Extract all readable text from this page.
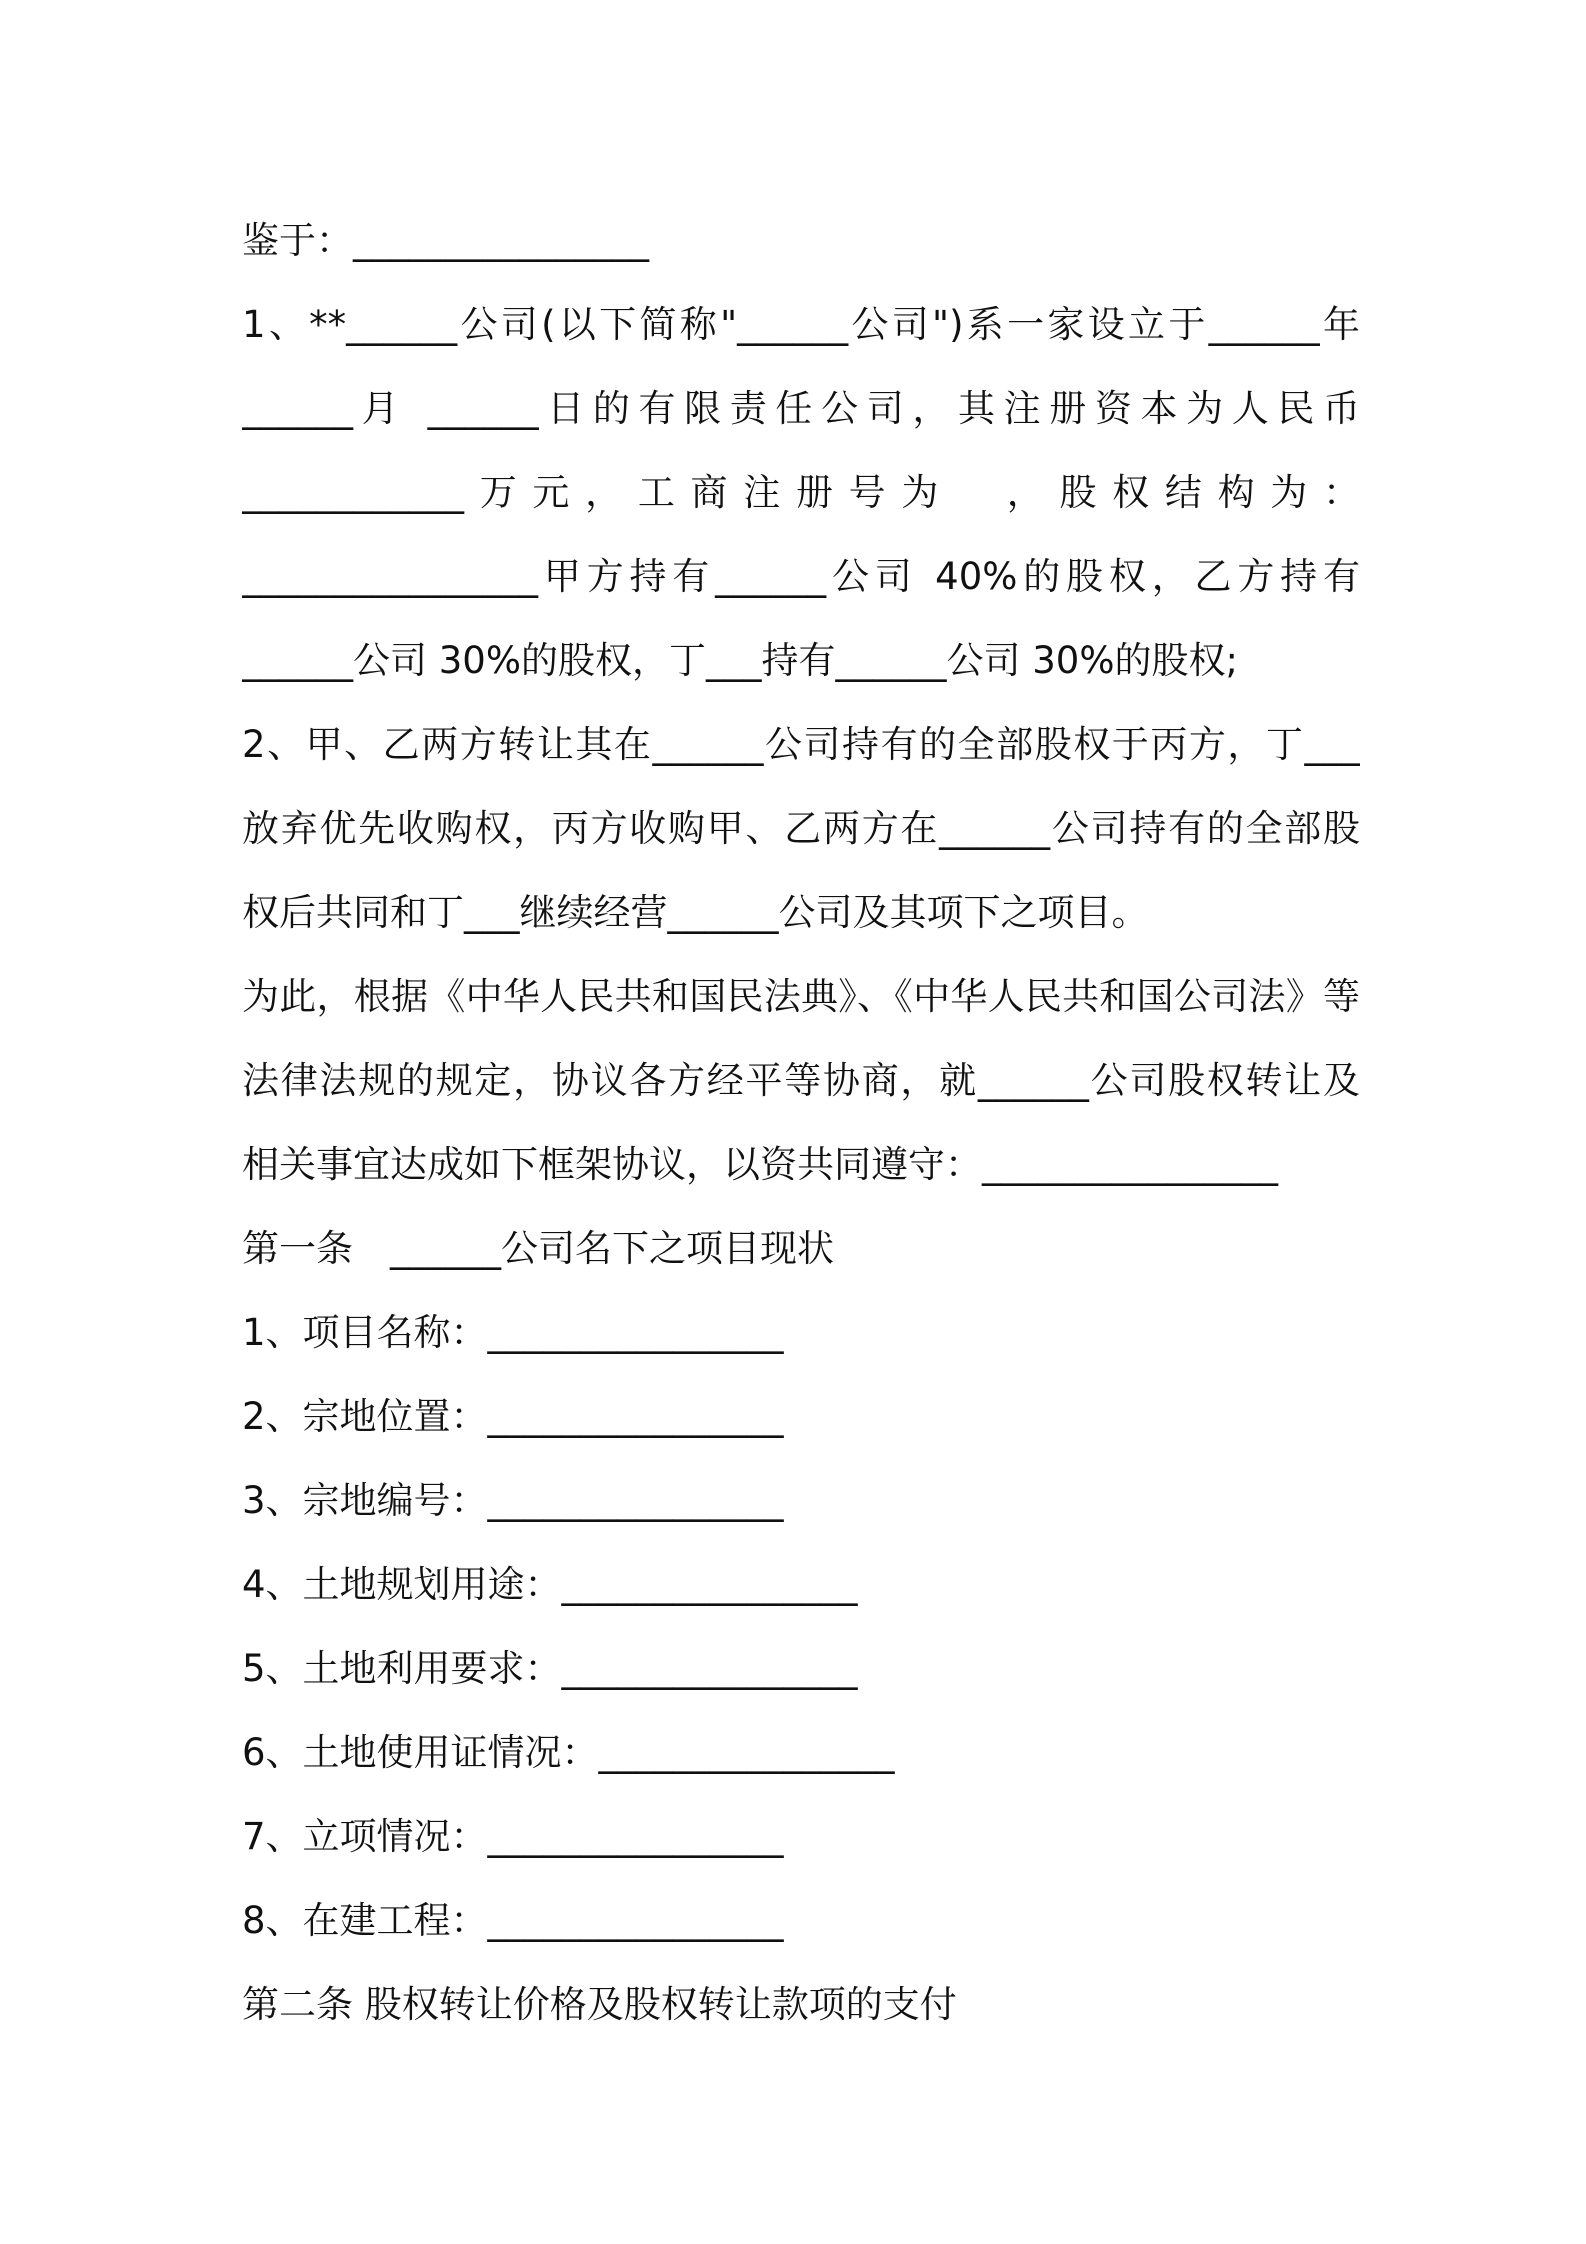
鉴于：________________
1、**______公司(以下简称"______公司")系一家设立于______年
______月 ______日的有限责任公司，其注册资本为人民币
____________万元，工商注册号为　，股权结构为：
________________甲方持有______公司 40%的股权，乙方持有
______公司 30%的股权，丁___持有______公司 30%的股权;
2、甲、乙两方转让其在______公司持有的全部股权于丙方，丁___
放弃优先收购权，丙方收购甲、乙两方在______公司持有的全部股
权后共同和丁___继续经营______公司及其项下之项目。
为此，根据《中华人民共和国民法典》、《中华人民共和国公司法》等
法律法规的规定，协议各方经平等协商，就______公司股权转让及
相关事宜达成如下框架协议，以资共同遵守：________________
第一条　______公司名下之项目现状
1、项目名称：________________
2、宗地位置：________________
3、宗地编号：________________
4、土地规划用途：________________
5、土地利用要求：________________
6、土地使用证情况：________________
7、立项情况：________________
8、在建工程：________________
第二条 股权转让价格及股权转让款项的支付
